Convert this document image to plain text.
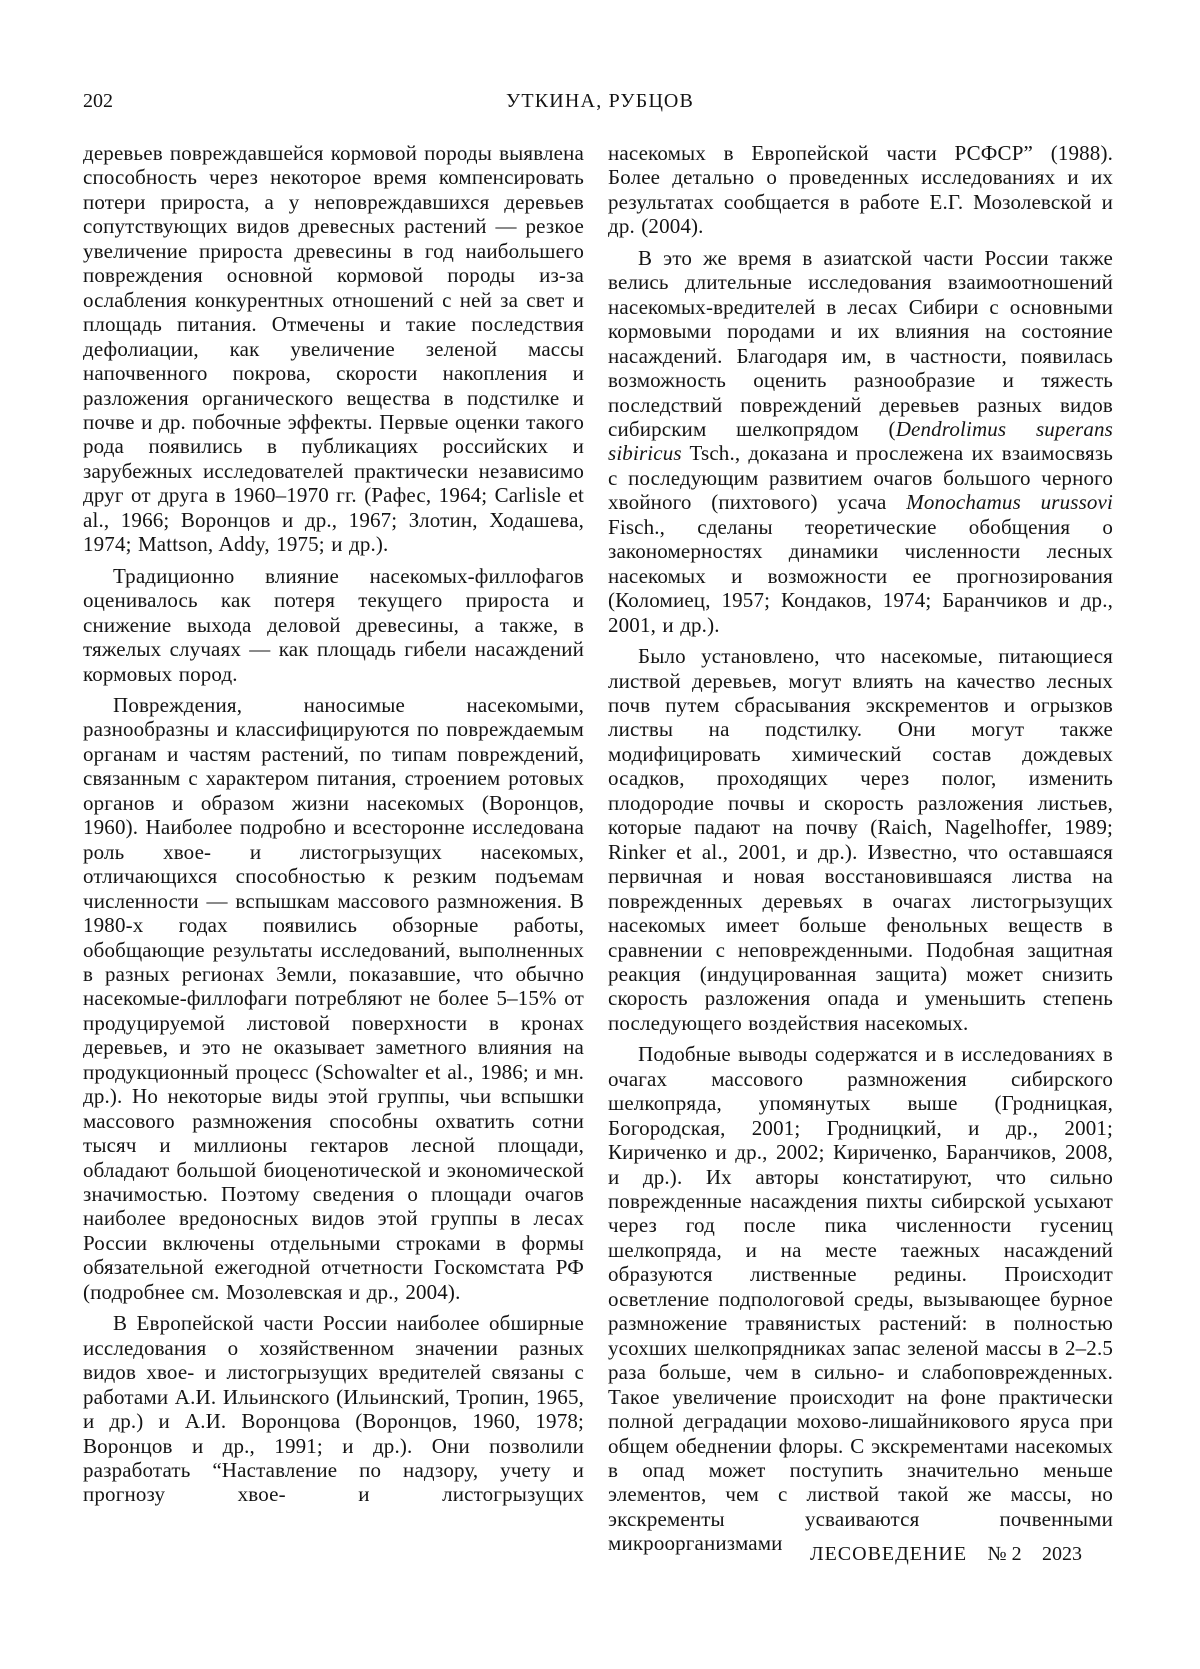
202	УТКИНА, РУБЦОВ

деревьев повреждавшейся кормовой породы выявлена способность через некоторое время компенсировать потери прироста, а у неповреждавшихся деревьев сопутствующих видов древесных растений — резкое увеличение прироста древесины в год наибольшего повреждения основной кормовой породы из-за ослабления конкурентных отношений с ней за свет и площадь питания. Отмечены и такие последствия дефолиации, как увеличение зеленой массы напочвенного покрова, скорости накопления и разложения органического вещества в подстилке и почве и др. побочные эффекты. Первые оценки такого рода появились в публикациях российских и зарубежных исследователей практически независимо друг от друга в 1960–1970 гг. (Рафес, 1964; Carlisle et al., 1966; Воронцов и др., 1967; Злотин, Ходашева, 1974; Mattson, Addy, 1975; и др.).

Традиционно влияние насекомых-филлофагов оценивалось как потеря текущего прироста и снижение выхода деловой древесины, а также, в тяжелых случаях — как площадь гибели насаждений кормовых пород.

Повреждения, наносимые насекомыми, разнообразны и классифицируются по повреждаемым органам и частям растений, по типам повреждений, связанным с характером питания, строением ротовых органов и образом жизни насекомых (Воронцов, 1960). Наиболее подробно и всесторонне исследована роль хвое- и листогрызущих насекомых, отличающихся способностью к резким подъемам численности — вспышкам массового размножения. В 1980-х годах появились обзорные работы, обобщающие результаты исследований, выполненных в разных регионах Земли, показавшие, что обычно насекомые-филлофаги потребляют не более 5–15% от продуцируемой листовой поверхности в кронах деревьев, и это не оказывает заметного влияния на продукционный процесс (Schowalter et al., 1986; и мн. др.). Но некоторые виды этой группы, чьи вспышки массового размножения способны охватить сотни тысяч и миллионы гектаров лесной площади, обладают большой биоценотической и экономической значимостью. Поэтому сведения о площади очагов наиболее вредоносных видов этой группы в лесах России включены отдельными строками в формы обязательной ежегодной отчетности Госкомстата РФ (подробнее см. Мозолевская и др., 2004).

В Европейской части России наиболее обширные исследования о хозяйственном значении разных видов хвое- и листогрызущих вредителей связаны с работами А.И. Ильинского (Ильинский, Тропин, 1965, и др.) и А.И. Воронцова (Воронцов, 1960, 1978; Воронцов и др., 1991; и др.). Они позволили разработать “Наставление по надзору, учету и прогнозу хвое- и листогрызущих

насекомых в Европейской части РСФСР” (1988). Более детально о проведенных исследованиях и их результатах сообщается в работе Е.Г. Мозолевской и др. (2004).

В это же время в азиатской части России также велись длительные исследования взаимоотношений насекомых-вредителей в лесах Сибири с основными кормовыми породами и их влияния на состояние насаждений. Благодаря им, в частности, появилась возможность оценить разнообразие и тяжесть последствий повреждений деревьев разных видов сибирским шелкопрядом (Dendrolimus superans sibiricus Tsch., доказана и прослежена их взаимосвязь с последующим развитием очагов большого черного хвойного (пихтового) усача Monochamus urussovi Fisch., сделаны теоретические обобщения о закономерностях динамики численности лесных насекомых и возможности ее прогнозирования (Коломиец, 1957; Кондаков, 1974; Баранчиков и др., 2001, и др.).

Было установлено, что насекомые, питающиеся листвой деревьев, могут влиять на качество лесных почв путем сбрасывания экскрементов и огрызков листвы на подстилку. Они могут также модифицировать химический состав дождевых осадков, проходящих через полог, изменить плодородие почвы и скорость разложения листьев, которые падают на почву (Raich, Nagelhoffer, 1989; Rinker et al., 2001, и др.). Известно, что оставшаяся первичная и новая восстановившаяся листва на поврежденных деревьях в очагах листогрызущих насекомых имеет больше фенольных веществ в сравнении с неповрежденными. Подобная защитная реакция (индуцированная защита) может снизить скорость разложения опада и уменьшить степень последующего воздействия насекомых.

Подобные выводы содержатся и в исследованиях в очагах массового размножения сибирского шелкопряда, упомянутых выше (Гродницкая, Богородская, 2001; Гродницкий, и др., 2001; Кириченко и др., 2002; Кириченко, Баранчиков, 2008, и др.). Их авторы констатируют, что сильно поврежденные насаждения пихты сибирской усыхают через год после пика численности гусениц шелкопряда, и на месте таежных насаждений образуются лиственные редины. Происходит осветление подпологовой среды, вызывающее бурное размножение травянистых растений: в полностью усохших шелкопрядниках запас зеленой массы в 2–2.5 раза больше, чем в сильно- и слабоповрежденных. Такое увеличение происходит на фоне практически полной деградации мохово-лишайникового яруса при общем обеднении флоры. С экскрементами насекомых в опад может поступить значительно меньше элементов, чем с листвой такой же массы, но экскременты усваиваются почвенными микроорганизмами	ЛЕСОВЕДЕНИЕ № 2 2023
